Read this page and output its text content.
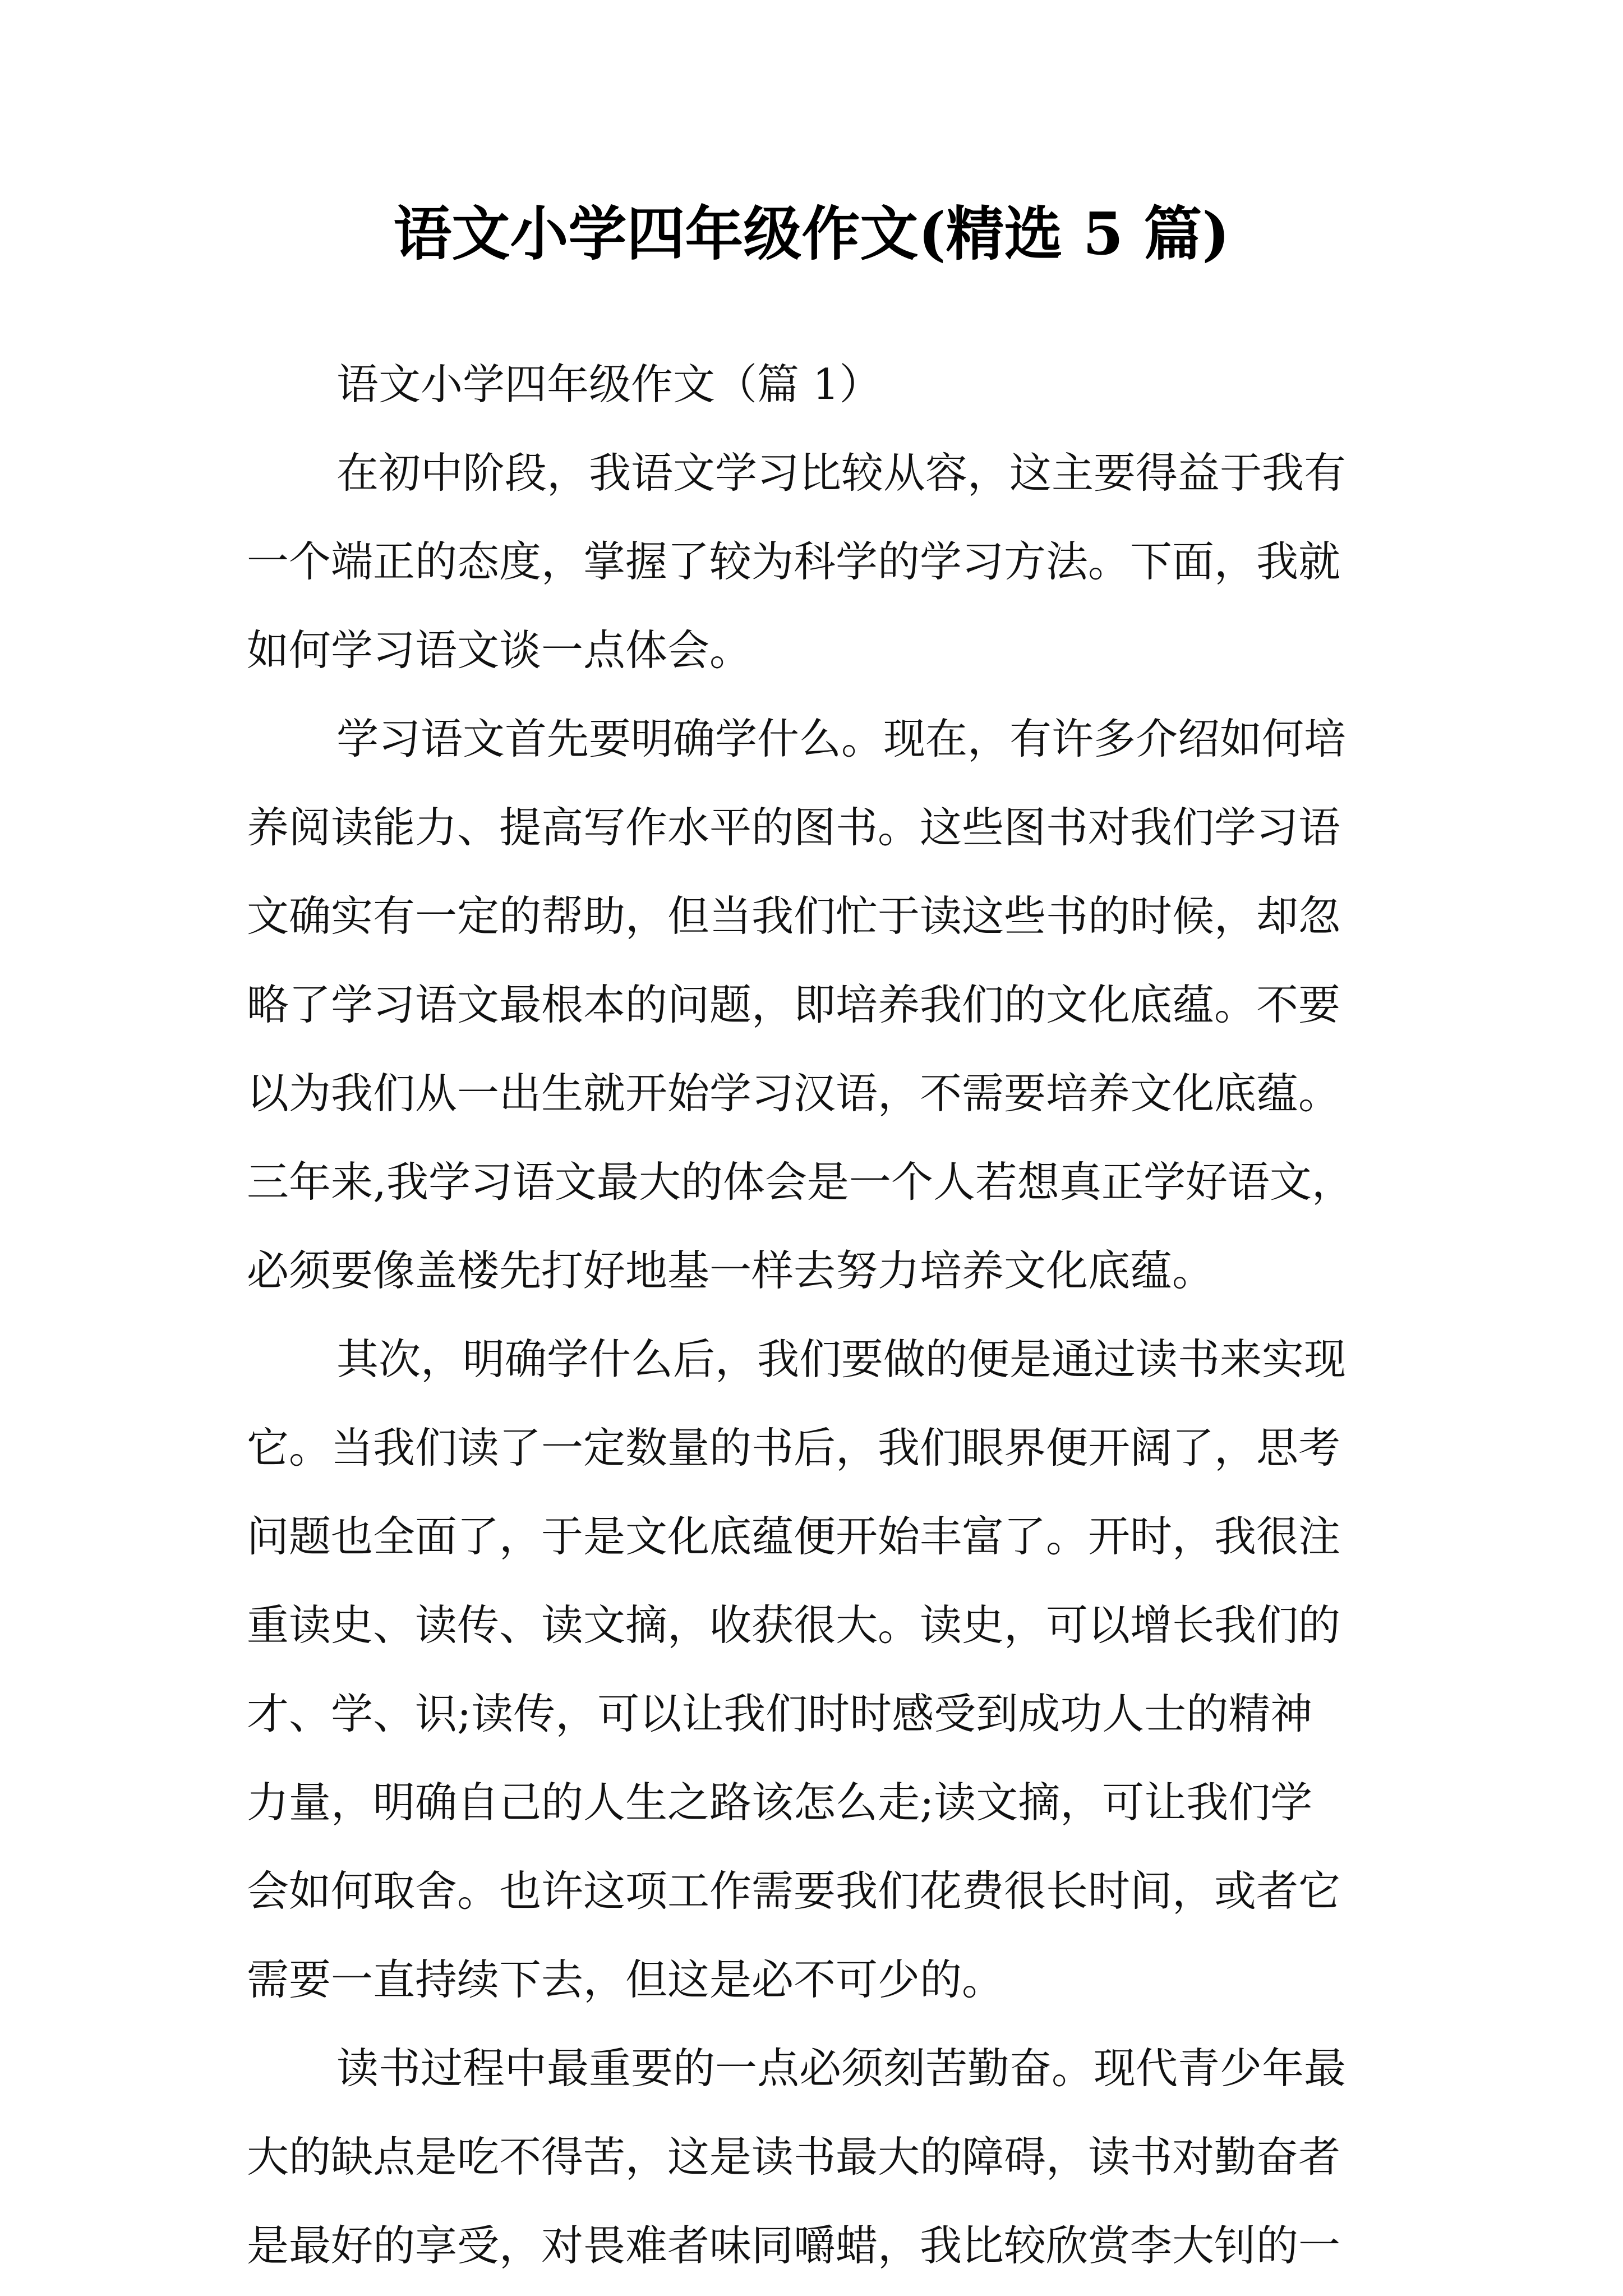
语文小学四年级作文(精选 5 篇)

语文小学四年级作文（篇 1）

在初中阶段，我语文学习比较从容，这主要得益于我有
一个端正的态度，掌握了较为科学的学习方法。下面，我就
如何学习语文谈一点体会。

学习语文首先要明确学什么。现在，有许多介绍如何培
养阅读能力、提高写作水平的图书。这些图书对我们学习语
文确实有一定的帮助，但当我们忙于读这些书的时候，却忽
略了学习语文最根本的问题，即培养我们的文化底蕴。不要
以为我们从一出生就开始学习汉语，不需要培养文化底蕴。
三年来,我学习语文最大的体会是一个人若想真正学好语文，
必须要像盖楼先打好地基一样去努力培养文化底蕴。

其次，明确学什么后，我们要做的便是通过读书来实现
它。当我们读了一定数量的书后，我们眼界便开阔了，思考
问题也全面了，于是文化底蕴便开始丰富了。开时，我很注
重读史、读传、读文摘，收获很大。读史，可以增长我们的
才、学、识;读传，可以让我们时时感受到成功人士的精神
力量，明确自己的人生之路该怎么走;读文摘，可让我们学
会如何取舍。也许这项工作需要我们花费很长时间，或者它
需要一直持续下去，但这是必不可少的。

读书过程中最重要的一点必须刻苦勤奋。现代青少年最
大的缺点是吃不得苦，这是读书最大的障碍，读书对勤奋者
是最好的享受，对畏难者味同嚼蜡，我比较欣赏李大钊的一
